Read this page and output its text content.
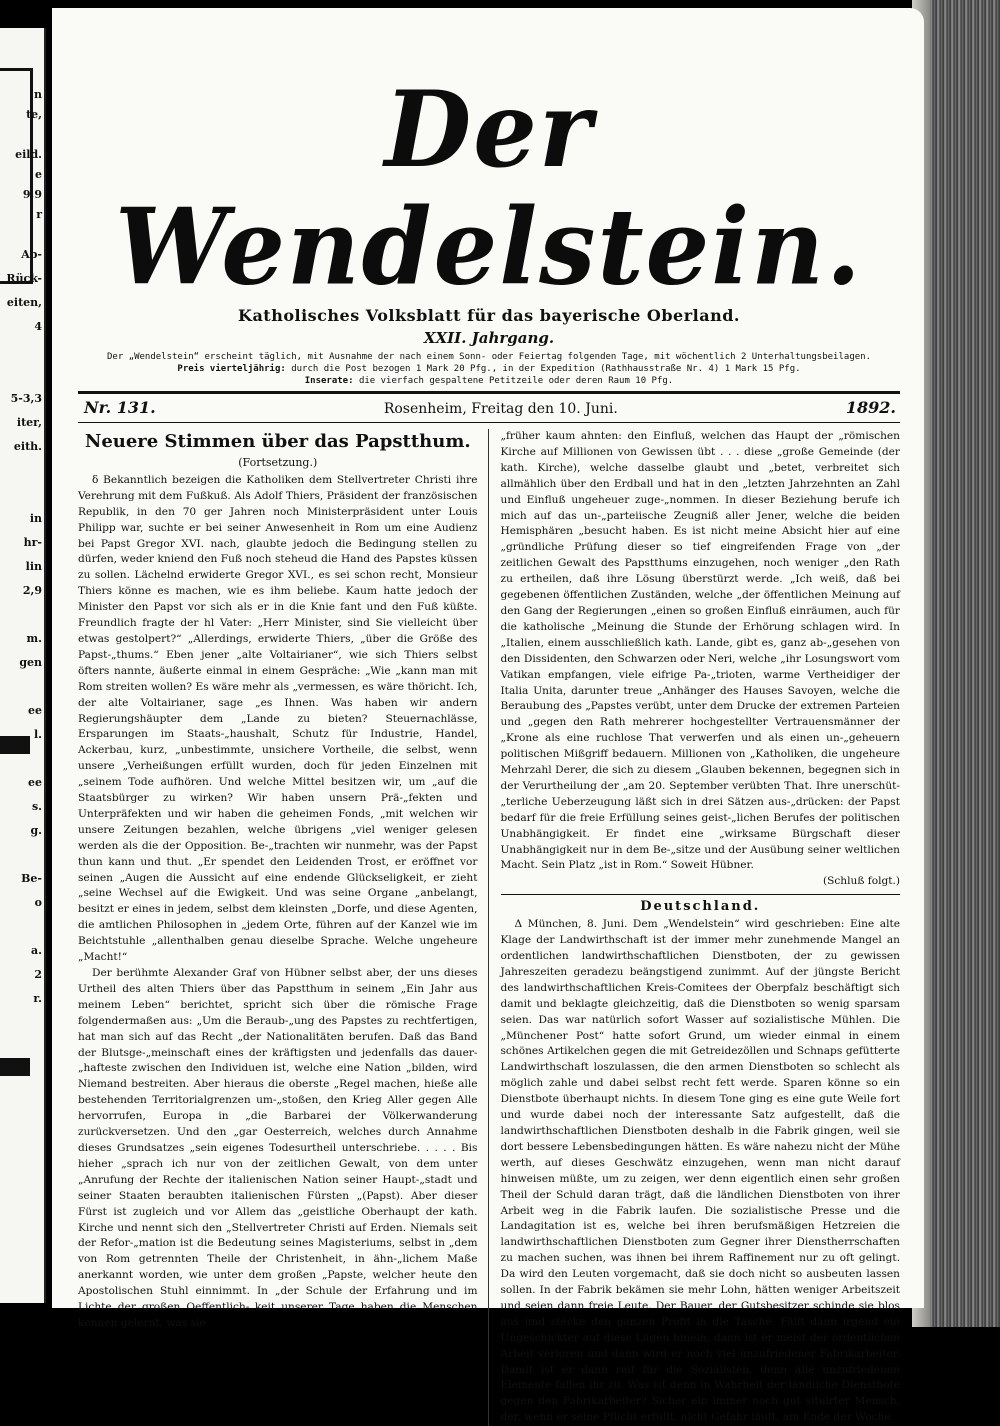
n
te,
eild.
e
9,9
r
Ab-
Rück-
eiten,
4
5-3,3
iter,
eith.
in
hr-
lin
2,9
m.
gen
ee
l.
ee
s.
g.
Be-
o
a.
2
r.
Der Wendelstein.
Katholisches Volksblatt für das bayerische Oberland.
XXII. Jahrgang.
Der „Wendelstein“ erscheint täglich, mit Ausnahme der nach einem Sonn- oder Feiertag folgenden Tage, mit wöchentlich 2 Unterhaltungsbeilagen.
Preis vierteljährig: durch die Post bezogen 1 Mark 20 Pfg., in der Expedition (Rathhausstraße Nr. 4) 1 Mark 15 Pfg.
Inserate: die vierfach gespaltene Petitzeile oder deren Raum 10 Pfg.
Nr. 131.	Rosenheim, Freitag den 10. Juni.	1892.
Neuere Stimmen über das Papstthum.
(Fortsetzung.)

δ Bekanntlich bezeigen die Katholiken dem Stellvertreter Christi ihre Verehrung mit dem Fußkuß. Als Adolf Thiers, Präsident der französischen Republik, in den 70 ger Jahren noch Ministerpräsident unter Louis Philipp war, suchte er bei seiner Anwesenheit in Rom um eine Audienz bei Papst Gregor XVI. nach, glaubte jedoch die Bedingung stellen zu dürfen, weder kniend den Fuß noch steheud die Hand des Papstes küssen zu sollen. Lächelnd erwiderte Gregor XVI., es sei schon recht, Monsieur Thiers könne es machen, wie es ihm beliebe. Kaum hatte jedoch der Minister den Papst vor sich als er in die Knie fant und den Fuß küßte. Freundlich fragte der hl Vater: „Herr Minister, sind Sie vielleicht über etwas gestolpert?“ „Allerdings, erwiderte Thiers, „über die Größe des Papst-„thums.“ Eben jener „alte Voltairianer“, wie sich Thiers selbst öfters nannte, äußerte einmal in einem Gespräche: „Wie „kann man mit Rom streiten wollen? Es wäre mehr als „vermessen, es wäre thöricht. Ich, der alte Voltairianer, sage „es Ihnen. Was haben wir andern Regierungshäupter dem „Lande zu bieten? Steuernachlässe, Ersparungen im Staats-„haushalt, Schutz für Industrie, Handel, Ackerbau, kurz, „unbestimmte, unsichere Vortheile, die selbst, wenn unsere „Verheißungen erfüllt wurden, doch für jeden Einzelnen mit „seinem Tode aufhören. Und welche Mittel besitzen wir, um „auf die Staatsbürger zu wirken? Wir haben unsern Prä-„fekten und Unterpräfekten und wir haben die geheimen Fonds, „mit welchen wir unsere Zeitungen bezahlen, welche übrigens „viel weniger gelesen werden als die der Opposition. Be-„trachten wir nunmehr, was der Papst thun kann und thut. „Er spendet den Leidenden Trost, er eröffnet vor seinen „Augen die Aussicht auf eine endende Glückseligkeit, er zieht „seine Wechsel auf die Ewigkeit. Und was seine Organe „anbelangt, besitzt er eines in jedem, selbst dem kleinsten „Dorfe, und diese Agenten, die amtlichen Philosophen in „jedem Orte, führen auf der Kanzel wie im Beichtstuhle „allenthalben genau dieselbe Sprache. Welche ungeheure „Macht!“

Der berühmte Alexander Graf von Hübner selbst aber, der uns dieses Urtheil des alten Thiers über das Papstthum in seinem „Ein Jahr aus meinem Leben“ berichtet, spricht sich über die römische Frage folgendermaßen aus: „Um die Beraub-„ung des Papstes zu rechtfertigen, hat man sich auf das Recht „der Nationalitäten berufen. Daß das Band der Blutsge-„meinschaft eines der kräftigsten und jedenfalls das dauer-„hafteste zwischen den Individuen ist, welche eine Nation „bilden, wird Niemand bestreiten. Aber hieraus die oberste „Regel machen, hieße alle bestehenden Territorialgrenzen um-„stoßen, den Krieg Aller gegen Alle hervorrufen, Europa in „die Barbarei der Völkerwanderung zurückversetzen. Und den „gar Oesterreich, welches durch Annahme dieses Grundsatzes „sein eigenes Todesurtheil unterschriebe. . . . . Bis hieher „sprach ich nur von der zeitlichen Gewalt, von dem unter „Anrufung der Rechte der italienischen Nation seiner Haupt-„stadt und seiner Staaten beraubten italienischen Fürsten „(Papst). Aber dieser Fürst ist zugleich und vor Allem das „geistliche Oberhaupt der kath. Kirche und nennt sich den „Stellvertreter Christi auf Erden. Niemals seit der Refor-„mation ist die Bedeutung seines Magisteriums, selbst in „dem von Rom getrennten Theile der Christenheit, in ähn-„lichem Maße anerkannt worden, wie unter dem großen „Papste, welcher heute den Apostolischen Stuhl einnimmt. In „der Schule der Erfahrung und im Lichte der großen Oeffentlich-„keit unserer Tage haben die Menschen kennen gelernt, was sie

„früher kaum ahnten: den Einfluß, welchen das Haupt der „römischen Kirche auf Millionen von Gewissen übt . . . diese „große Gemeinde (der kath. Kirche), welche dasselbe glaubt und „betet, verbreitet sich allmählich über den Erdball und hat in den „letzten Jahrzehnten an Zahl und Einfluß ungeheuer zuge-„nommen. In dieser Beziehung berufe ich mich auf das un-„parteiische Zeugniß aller Jener, welche die beiden Hemisphären „besucht haben. Es ist nicht meine Absicht hier auf eine „gründliche Prüfung dieser so tief eingreifenden Frage von „der zeitlichen Gewalt des Papstthums einzugehen, noch weniger „den Rath zu ertheilen, daß ihre Lösung überstürzt werde. „Ich weiß, daß bei gegebenen öffentlichen Zuständen, welche „der öffentlichen Meinung auf den Gang der Regierungen „einen so großen Einfluß einräumen, auch für die katholische „Meinung die Stunde der Erhörung schlagen wird. In „Italien, einem ausschließlich kath. Lande, gibt es, ganz ab-„gesehen von den Dissidenten, den Schwarzen oder Neri, welche „ihr Losungswort vom Vatikan empfangen, viele eifrige Pa-„trioten, warme Vertheidiger der Italia Unita, darunter treue „Anhänger des Hauses Savoyen, welche die Beraubung des „Papstes verübt, unter dem Drucke der extremen Parteien und „gegen den Rath mehrerer hochgestellter Vertrauensmänner der „Krone als eine ruchlose That verwerfen und als einen un-„geheuern politischen Mißgriff bedauern. Millionen von „Katholiken, die ungeheure Mehrzahl Derer, die sich zu diesem „Glauben bekennen, begegnen sich in der Verurtheilung der „am 20. September verübten That. Ihre unerschüt-„terliche Ueberzeugung läßt sich in drei Sätzen aus-„drücken: der Papst bedarf für die freie Erfüllung seines geist-„lichen Berufes der politischen Unabhängigkeit. Er findet eine „wirksame Bürgschaft dieser Unabhängigkeit nur in dem Be-„sitze und der Ausübung seiner weltlichen Macht. Sein Platz „ist in Rom.“ Soweit Hübner.

(Schluß folgt.)
Deutschland.

Δ München, 8. Juni. Dem „Wendelstein“ wird geschrieben: Eine alte Klage der Landwirthschaft ist der immer mehr zunehmende Mangel an ordentlichen landwirthschaftlichen Dienstboten, der zu gewissen Jahreszeiten geradezu beängstigend zunimmt. Auf der jüngste Bericht des landwirthschaftlichen Kreis-Comitees der Oberpfalz beschäftigt sich damit und beklagte gleichzeitig, daß die Dienstboten so wenig sparsam seien. Das war natürlich sofort Wasser auf sozialistische Mühlen. Die „Münchener Post“ hatte sofort Grund, um wieder einmal in einem schönes Artikelchen gegen die mit Getreidezöllen und Schnaps gefütterte Landwirthschaft loszulassen, die den armen Dienstboten so schlecht als möglich zahle und dabei selbst recht fett werde. Sparen könne so ein Dienstbote überhaupt nichts. In diesem Tone ging es eine gute Weile fort und wurde dabei noch der interessante Satz aufgestellt, daß die landwirthschaftlichen Dienstboten deshalb in die Fabrik gingen, weil sie dort bessere Lebensbedingungen hätten. Es wäre nahezu nicht der Mühe werth, auf dieses Geschwätz einzugehen, wenn man nicht darauf hinweisen müßte, um zu zeigen, wer denn eigentlich einen sehr großen Theil der Schuld daran trägt, daß die ländlichen Dienstboten von ihrer Arbeit weg in die Fabrik laufen. Die sozialistische Presse und die Landagitation ist es, welche bei ihren berufsmäßigen Hetzreien die landwirthschaftlichen Dienstboten zum Gegner ihrer Dienstherrschaften zu machen suchen, was ihnen bei ihrem Raffinement nur zu oft gelingt. Da wird den Leuten vorgemacht, daß sie doch nicht so ausbeuten lassen sollen. In der Fabrik bekämen sie mehr Lohn, hätten weniger Arbeitszeit und seien dann freie Leute. Der Bauer, der Gutsbesitzer schinde sie blos aus und stecke den ganzen Profit in die Tasche. Fällt dann irgend ein Ungeschickter auf diese Lügen hinein, dann ist er meist der ordentlichen Arbeit verloren und dann wird er noch viel unzufriedener Fabrikarbeiter. Damit ist er dann reif für die Sozialisten, denn alle unzufriedenen Elemente fallen ihr zu. Was ist denn in Wahrheit der ländliche Dienstbote gegen den Fabrikarbeiter? Sicher ein immer noch gut situirter Mensch, der, wenn er seine Pflicht erfüllt, nicht Gefahr läuft, am Ende der Woche
